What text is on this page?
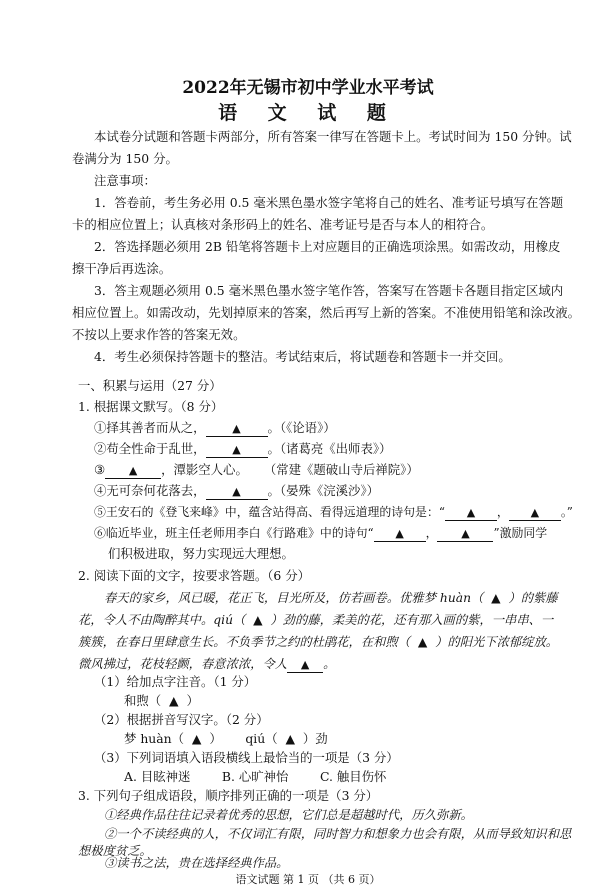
2022年无锡市初中学业水平考试
语 文 试 题
本试卷分试题和答题卡两部分，所有答案一律写在答题卡上。考试时间为 150 分钟。试
卷满分为 150 分。
注意事项：
1．答卷前，考生务必用 0.5 毫米黑色墨水签字笔将自己的姓名、准考证号填写在答题
卡的相应位置上；认真核对条形码上的姓名、准考证号是否与本人的相符合。
2．答选择题必须用 2B 铅笔将答题卡上对应题目的正确选项涂黑。如需改动，用橡皮
擦干净后再选涂。
3．答主观题必须用 0.5 毫米黑色墨水签字笔作答，答案写在答题卡各题目指定区域内
相应位置上。如需改动，先划掉原来的答案，然后再写上新的答案。不准使用铅笔和涂改液。
不按以上要求作答的答案无效。
4．考生必须保持答题卡的整洁。考试结束后，将试题卷和答题卡一并交回。
一、积累与运用（27 分）
1. 根据课文默写。（8 分）
①择其善者而从之， ▲ 。（《论语》）
②苟全性命于乱世， ▲ 。（诸葛亮《出师表》）
③ ▲ ，潭影空人心。 （常建《题破山寺后禅院》）
④无可奈何花落去， ▲ 。（晏殊《浣溪沙》）
⑤王安石的《登飞来峰》中，蕴含站得高、看得远道理的诗句是：“ ▲ ， ▲ 。”
⑥临近毕业，班主任老师用李白《行路难》中的诗句“ ▲ ， ▲ ”激励同学
们积极进取，努力实现远大理想。
2. 阅读下面的文字，按要求答题。（6 分）
春天的家乡，风已暖，花正飞，目光所及，仿若画卷。优雅梦 huàn（  ▲  ）的紫藤
花，令人不由陶醉其中。qiú（  ▲  ）劲的藤，柔美的花，还有那入画的紫，一串串、一
簇簇，在春日里肆意生长。不负季节之约的杜鹃花，在和煦（  ▲  ）的阳光下浓郁绽放。
微风拂过，花枝轻颤，春意浓浓，令人 ▲ 。
（1）给加点字注音。（1 分）
和煦（  ▲  ）
（2）根据拼音写汉字。（2 分）
梦 huàn（  ▲  ）      qiú（  ▲  ）劲
（3）下列词语填入语段横线上最恰当的一项是（3 分）
A. 目眩神迷        B. 心旷神怡        C. 触目伤怀
3. 下列句子组成语段，顺序排列正确的一项是（3 分）
①经典作品往往记录着优秀的思想，它们总是超越时代，历久弥新。
语文试题 第 1 页 （共 6 页）
②一个不读经典的人，不仅词汇有限，同时智力和想象力也会有限，从而导致知识和思
想极度贫乏。
③读书之法，贵在选择经典作品。
